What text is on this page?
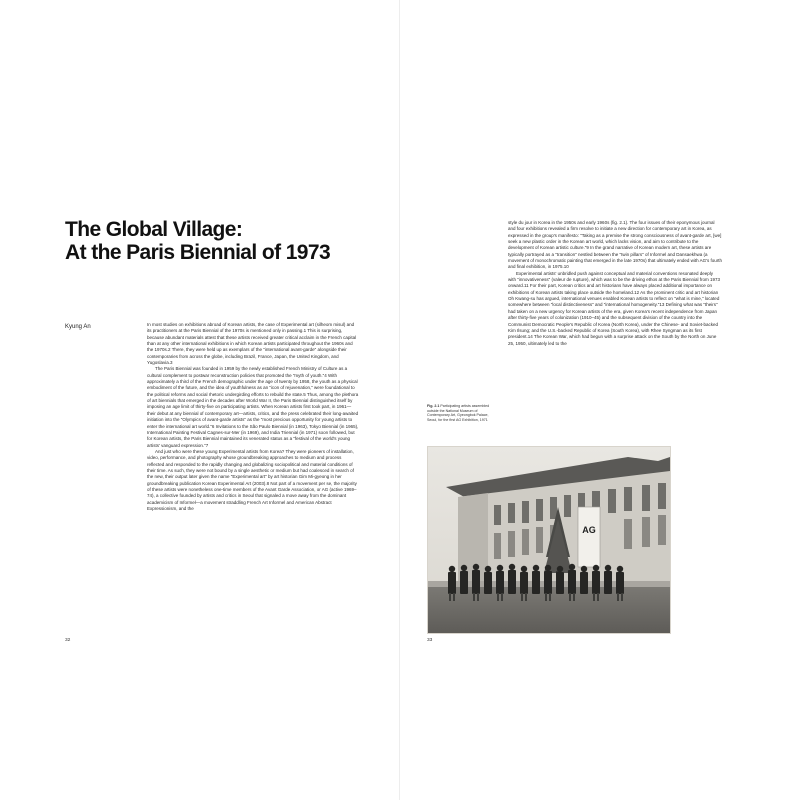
The Global Village:
At the Paris Biennial of 1973
Kyung An	In most studies on exhibitions abroad of Korean artists, the case of Experimental art (silheom misul) and its practitioners at the Paris Biennial of the 1970s is mentioned only in passing.1 This is surprising, because abundant materials attest that these artists received greater critical acclaim in the French capital than at any other international exhibitions in which Korean artists participated throughout the 1960s and the 1970s.2 There, they were held up as exemplars of the "international avant-garde" alongside their contemporaries from across the globe, including Brazil, France, Japan, the United Kingdom, and Yugoslavia.3

The Paris Biennial was founded in 1959 by the newly established French Ministry of Culture as a cultural complement to postwar reconstruction policies that promoted the "myth of youth."4 With approximately a third of the French demographic under the age of twenty by 1958, the youth as a physical embodiment of the future, and the idea of youthfulness as an "icon of rejuvenation," were foundational to the political reforms and social rhetoric undergirding efforts to rebuild the state.5 Thus, among the plethora of art biennials that emerged in the decades after World War II, the Paris Biennial distinguished itself by imposing an age limit of thirty-five on participating artists. When Korean artists first took part, in 1961—their debut at any biennial of contemporary art—artists, critics, and the press celebrated their long-awaited initiation into the "Olympics of avant-garde artists" as the "most precious opportunity for young artists to enter the international art world."6 Invitations to the São Paulo Biennial (in 1963), Tokyo Biennial (in 1965), International Painting Festival Cagnes-sur-Mer (in 1969), and India Triennial (in 1971) soon followed, but for Korean artists, the Paris Biennial maintained its venerated status as a "festival of the world's young artists' vanguard expression."7

And just who were these young Experimental artists from Korea? They were pioneers of installation, video, performance, and photography whose groundbreaking approaches to medium and process reflected and responded to the rapidly changing and globalizing sociopolitical and material conditions of their time. As such, they were not bound by a single aesthetic or medium but had coalesced in search of the new, their output later given the name "Experimental art" by art historian Gim Mi-gyeong in her groundbreaking publication Korean Experimental Art (2003).8 Not part of a movement per se, the majority of these artists were nonetheless one-time members of the Avant Garde Association, or AG (active 1969–74), a collective founded by artists and critics in Seoul that signaled a move away from the dominant academicism of Informel—a movement straddling French Art Informel and American Abstract Expressionism, and the

32

style du jour in Korea in the 1950s and early 1960s (fig. 2.1). The four issues of their eponymous journal and four exhibitions revealed a firm resolve to initiate a new direction for contemporary art in Korea, as expressed in the group's manifesto: "Taking as a premise the strong consciousness of avant-garde art, [we] seek a new plastic order in the Korean art world, which lacks vision, and aim to contribute to the development of Korean artistic culture."9 In the grand narrative of Korean modern art, these artists are typically portrayed as a "transition" nestled between the "twin pillars" of Informel and Dansaekhwa (a movement of monochromatic painting that emerged in the late 1970s) that ultimately ended with AG's fourth and final exhibition, in 1975.10

Experimental artists' unbridled push against conceptual and material conventions resonated deeply with "innovativeness" (valeur de rupture), which was to be the driving ethos at the Paris Biennial from 1973 onward.11 For their part, Korean critics and art historians have always placed additional importance on exhibitions of Korean artists taking place outside the homeland.12 As the prominent critic and art historian Oh Kwang-su has argued, international venues enabled Korean artists to reflect on "what is mine," located somewhere between "local distinctiveness" and "international homogeneity."13 Defining what was "theirs" had taken on a new urgency for Korean artists of the era, given Korea's recent independence from Japan after thirty-five years of colonization (1910–45) and the subsequent division of the country into the Communist Democratic People's Republic of Korea (North Korea), under the Chinese- and Soviet-backed Kim Ilsung; and the U.S.-backed Republic of Korea (South Korea), with Rhee Syngman as its first president.14 The Korean War, which had begun with a surprise attack on the South by the North on June 25, 1950, ultimately led to the

Fig. 2.1 Participating artists assembled outside the National Museum of Contemporary Art, Gyeongbok Palace, Seoul, for the first AG Exhibition, 1971
AG
33
